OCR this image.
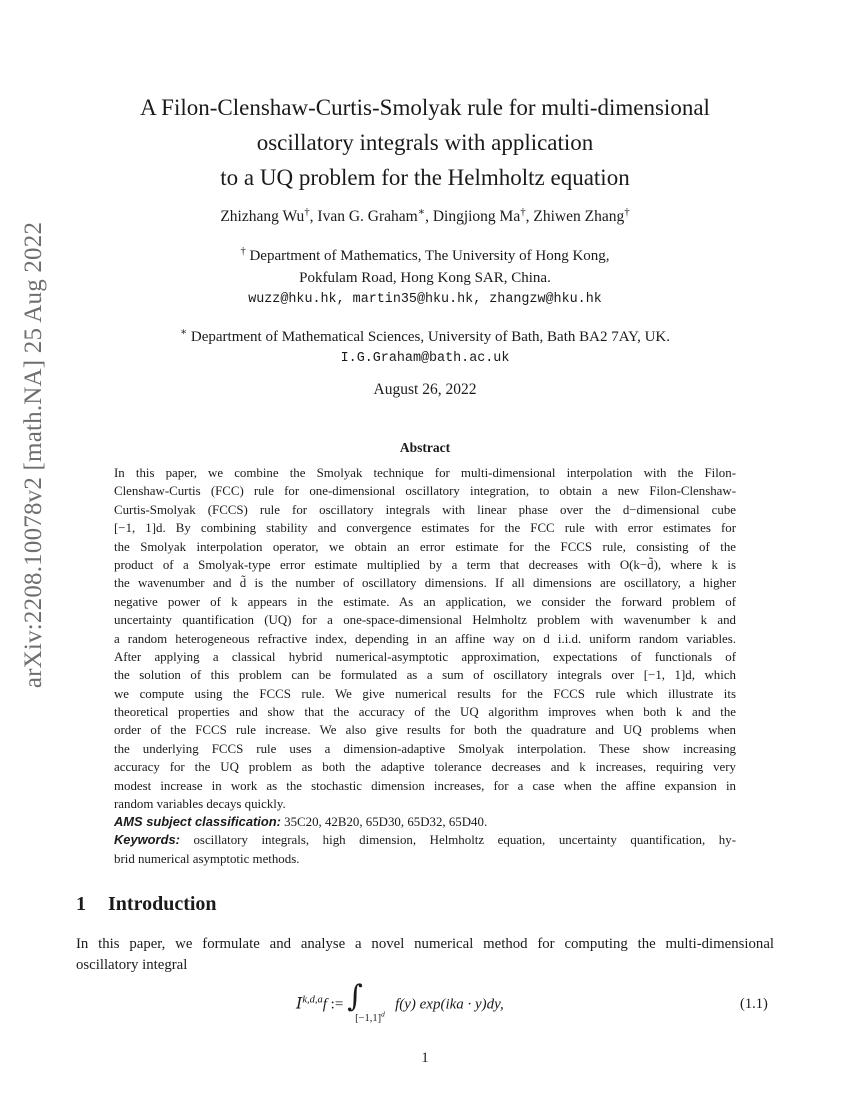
arXiv:2208.10078v2 [math.NA] 25 Aug 2022
A Filon-Clenshaw-Curtis-Smolyak rule for multi-dimensional
oscillatory integrals with application
to a UQ problem for the Helmholtz equation
Zhizhang Wu†, Ivan G. Graham∗, Dingjiong Ma†, Zhiwen Zhang†
† Department of Mathematics, The University of Hong Kong,
Pokfulam Road, Hong Kong SAR, China.
wuzz@hku.hk, martin35@hku.hk, zhangzw@hku.hk
∗ Department of Mathematical Sciences, University of Bath, Bath BA2 7AY, UK.
I.G.Graham@bath.ac.uk
August 26, 2022
Abstract
In this paper, we combine the Smolyak technique for multi-dimensional interpolation with the Filon-
Clenshaw-Curtis (FCC) rule for one-dimensional oscillatory integration, to obtain a new Filon-Clenshaw-
Curtis-Smolyak (FCCS) rule for oscillatory integrals with linear phase over the d−dimensional cube
[−1, 1]d. By combining stability and convergence estimates for the FCC rule with error estimates for
the Smolyak interpolation operator, we obtain an error estimate for the FCCS rule, consisting of the
product of a Smolyak-type error estimate multiplied by a term that decreases with O(k−d̃), where k is
the wavenumber and d̃ is the number of oscillatory dimensions. If all dimensions are oscillatory, a higher
negative power of k appears in the estimate. As an application, we consider the forward problem of
uncertainty quantification (UQ) for a one-space-dimensional Helmholtz problem with wavenumber k and
a random heterogeneous refractive index, depending in an affine way on d i.i.d. uniform random variables.
After applying a classical hybrid numerical-asymptotic approximation, expectations of functionals of
the solution of this problem can be formulated as a sum of oscillatory integrals over [−1, 1]d, which
we compute using the FCCS rule. We give numerical results for the FCCS rule which illustrate its
theoretical properties and show that the accuracy of the UQ algorithm improves when both k and the
order of the FCCS rule increase. We also give results for both the quadrature and UQ problems when
the underlying FCCS rule uses a dimension-adaptive Smolyak interpolation. These show increasing
accuracy for the UQ problem as both the adaptive tolerance decreases and k increases, requiring very
modest increase in work as the stochastic dimension increases, for a case when the affine expansion in
random variables decays quickly.
AMS subject classification: 35C20, 42B20, 65D30, 65D32, 65D40.
Keywords: oscillatory integrals, high dimension, Helmholtz equation, uncertainty quantification, hy-
brid numerical asymptotic methods.
1 Introduction
In this paper, we formulate and analyse a novel numerical method for computing the multi-dimensional
oscillatory integral
I$^{k,d,a}$f := ∫
$[-1,1]^d$
f(y) exp(ika · y)dy,	(1.1)
1
